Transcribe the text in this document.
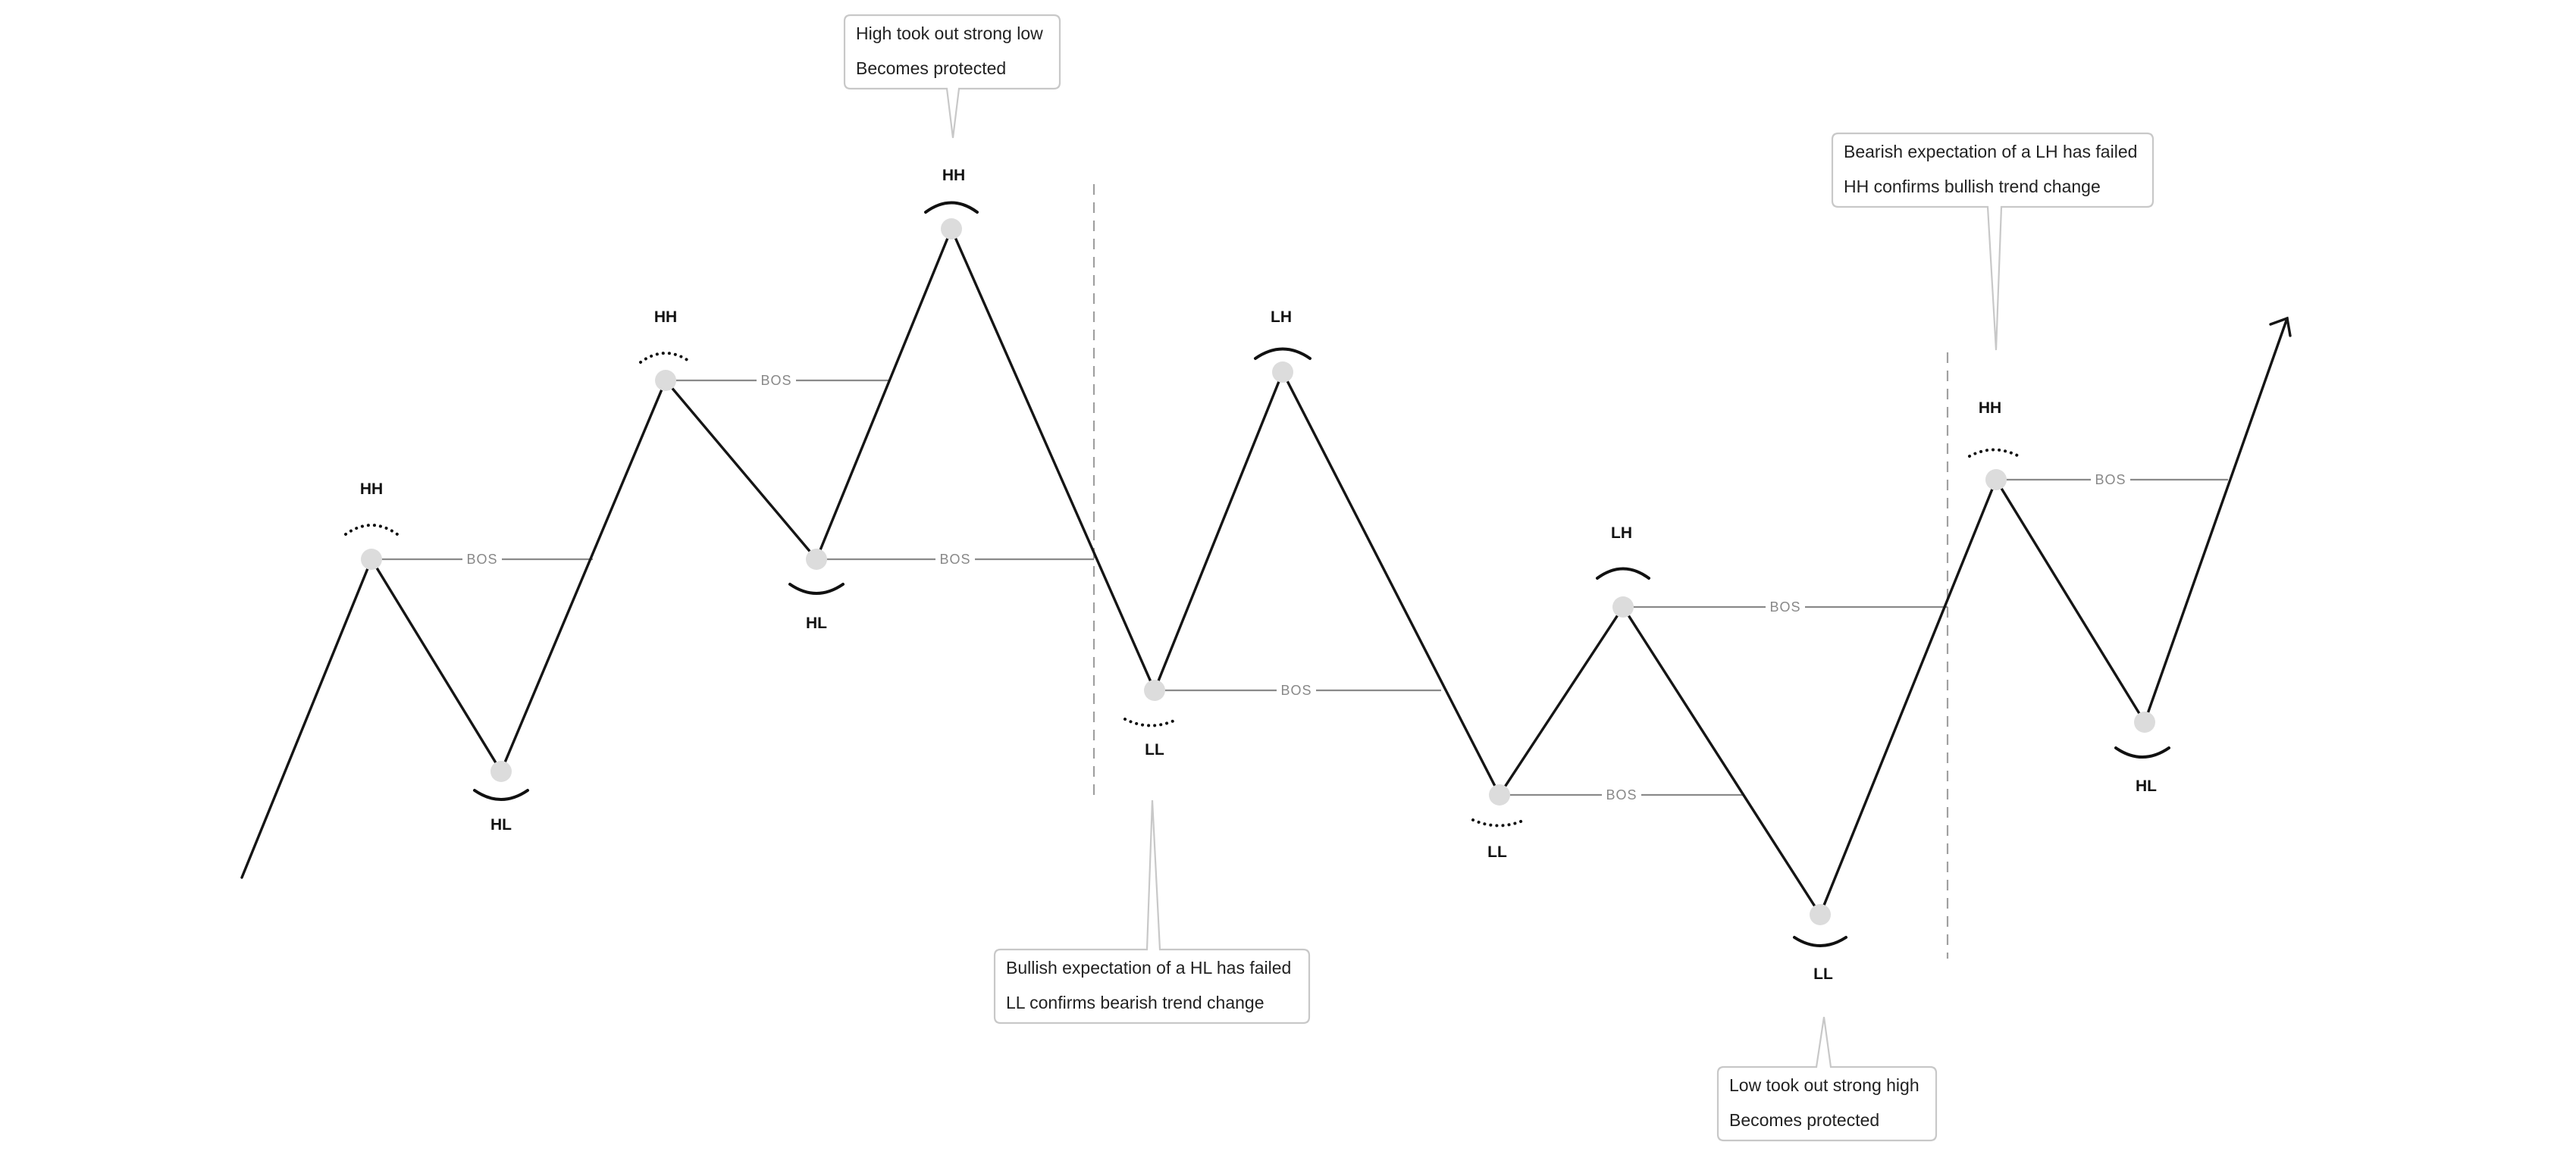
BOS
BOS
BOS
BOS
BOS
BOS
BOS
HH
HL
HH
HL
HH
LL
LH
LL
LH
LL
HH
HL
High took out strong low
Becomes protected
Bullish expectation of a HL has failed
LL confirms bearish trend change
Low took out strong high
Becomes protected
Bearish expectation of a LH has failed
HH confirms bullish trend change
